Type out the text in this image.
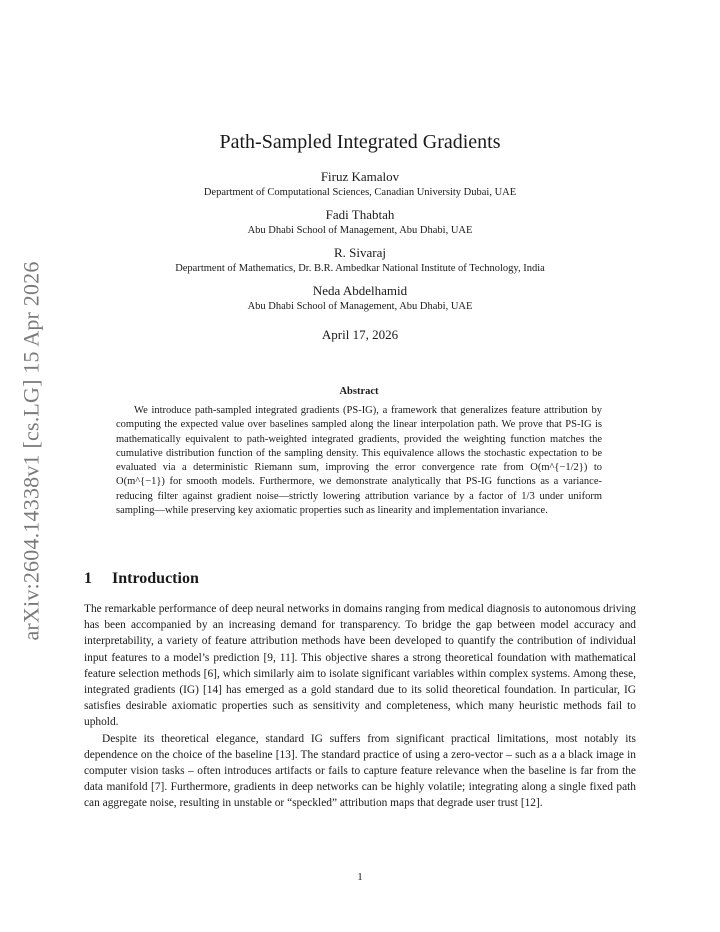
arXiv:2604.14338v1 [cs.LG] 15 Apr 2026
Path-Sampled Integrated Gradients
Firuz Kamalov
Department of Computational Sciences, Canadian University Dubai, UAE
Fadi Thabtah
Abu Dhabi School of Management, Abu Dhabi, UAE
R. Sivaraj
Department of Mathematics, Dr. B.R. Ambedkar National Institute of Technology, India
Neda Abdelhamid
Abu Dhabi School of Management, Abu Dhabi, UAE
April 17, 2026
Abstract

We introduce path-sampled integrated gradients (PS-IG), a framework that generalizes feature attribution by computing the expected value over baselines sampled along the linear interpolation path. We prove that PS-IG is mathematically equivalent to path-weighted integrated gradients, provided the weighting function matches the cumulative distribution function of the sampling density. This equivalence allows the stochastic expectation to be evaluated via a deterministic Riemann sum, improving the error convergence rate from O(m^{−1/2}) to O(m^{−1}) for smooth models. Furthermore, we demonstrate analytically that PS-IG functions as a variance-reducing filter against gradient noise—strictly lowering attribution variance by a factor of 1/3 under uniform sampling—while preserving key axiomatic properties such as linearity and implementation invariance.

1 Introduction

The remarkable performance of deep neural networks in domains ranging from medical diagnosis to autonomous driving has been accompanied by an increasing demand for transparency. To bridge the gap between model accuracy and interpretability, a variety of feature attribution methods have been developed to quantify the contribution of individual input features to a model’s prediction [9, 11]. This objective shares a strong theoretical foundation with mathematical feature selection methods [6], which similarly aim to isolate significant variables within complex systems. Among these, integrated gradients (IG) [14] has emerged as a gold standard due to its solid theoretical foundation. In particular, IG satisfies desirable axiomatic properties such as sensitivity and completeness, which many heuristic methods fail to uphold.

Despite its theoretical elegance, standard IG suffers from significant practical limitations, most notably its dependence on the choice of the baseline [13]. The standard practice of using a zero-vector – such as a a black image in computer vision tasks – often introduces artifacts or fails to capture feature relevance when the baseline is far from the data manifold [7]. Furthermore, gradients in deep networks can be highly volatile; integrating along a single fixed path can aggregate noise, resulting in unstable or “speckled” attribution maps that degrade user trust [12].

1
